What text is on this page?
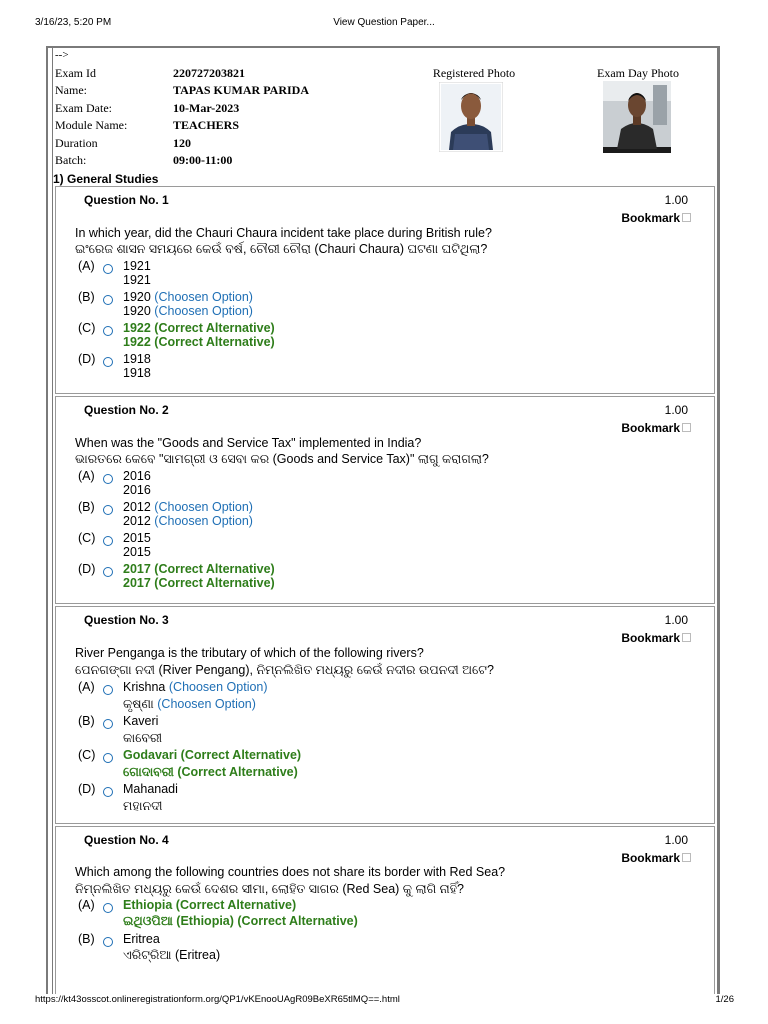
3/16/23, 5:20 PM	View Question Paper...
-->
Exam Id	220727203821
Name:	TAPAS KUMAR PARIDA
Exam Date:	10-Mar-2023
Module Name:	TEACHERS
Duration	120
Batch:	09:00-11:00
Registered Photo	Exam Day Photo
1) General Studies
Question No. 1	1.00
Bookmark
In which year, did the Chauri Chaura incident take place during British rule?
ଇଂରେଜ ଶାସନ ସମୟରେ କେଉଁ ବର୍ଷ, ଚୌରୀ ଚୌରା (Chauri Chaura) ଘଟଣା ଘଟିଥିଲା?
(A) 1921
1921
(B) 1920 (Choosen Option)
1920 (Choosen Option)
(C) 1922 (Correct Alternative)
1922 (Correct Alternative)
(D) 1918
1918
Question No. 2	1.00
Bookmark
When was the "Goods and Service Tax" implemented in India?
ଭାରତରେ କେବେ "ସାମଗ୍ରୀ ଓ ସେବା କର (Goods and Service Tax)" ଲାଗୁ କରାଗଲା?
(A) 2016
2016
(B) 2012 (Choosen Option)
2012 (Choosen Option)
(C) 2015
2015
(D) 2017 (Correct Alternative)
2017 (Correct Alternative)
Question No. 3	1.00
Bookmark
River Penganga is the tributary of which of the following rivers?
ପେନଗଙ୍ଗା ନଦୀ (River Pengang), ନିମ୍ନଲିଖିତ ମଧ୍ୟରୁ କେଉଁ ନଦୀର ଉପନଦୀ ଅଟେ?
(A) Krishna (Choosen Option)
କୃଷ୍ଣା (Choosen Option)
(B) Kaveri
କାବେରୀ
(C) Godavari (Correct Alternative)
ଗୋଦାବରୀ (Correct Alternative)
(D) Mahanadi
ମହାନଦୀ
Question No. 4	1.00
Bookmark
Which among the following countries does not share its border with Red Sea?
ନିମ୍ନଲିଖିତ ମଧ୍ୟରୁ କେଉଁ ଦେଶର ସୀମା, ଲୋହିତ ସାଗର (Red Sea) କୁ ଲାଗି ନାହିଁ?
(A) Ethiopia (Correct Alternative)
ଇଥିଓପିଆ (Ethiopia) (Correct Alternative)
(B) Eritrea
ଏରିଟ୍ରିଆ (Eritrea)
https://kt43osscot.onlineregistrationform.org/QP1/vKEnooUAgR09BeXR65tlMQ==.html	1/26
